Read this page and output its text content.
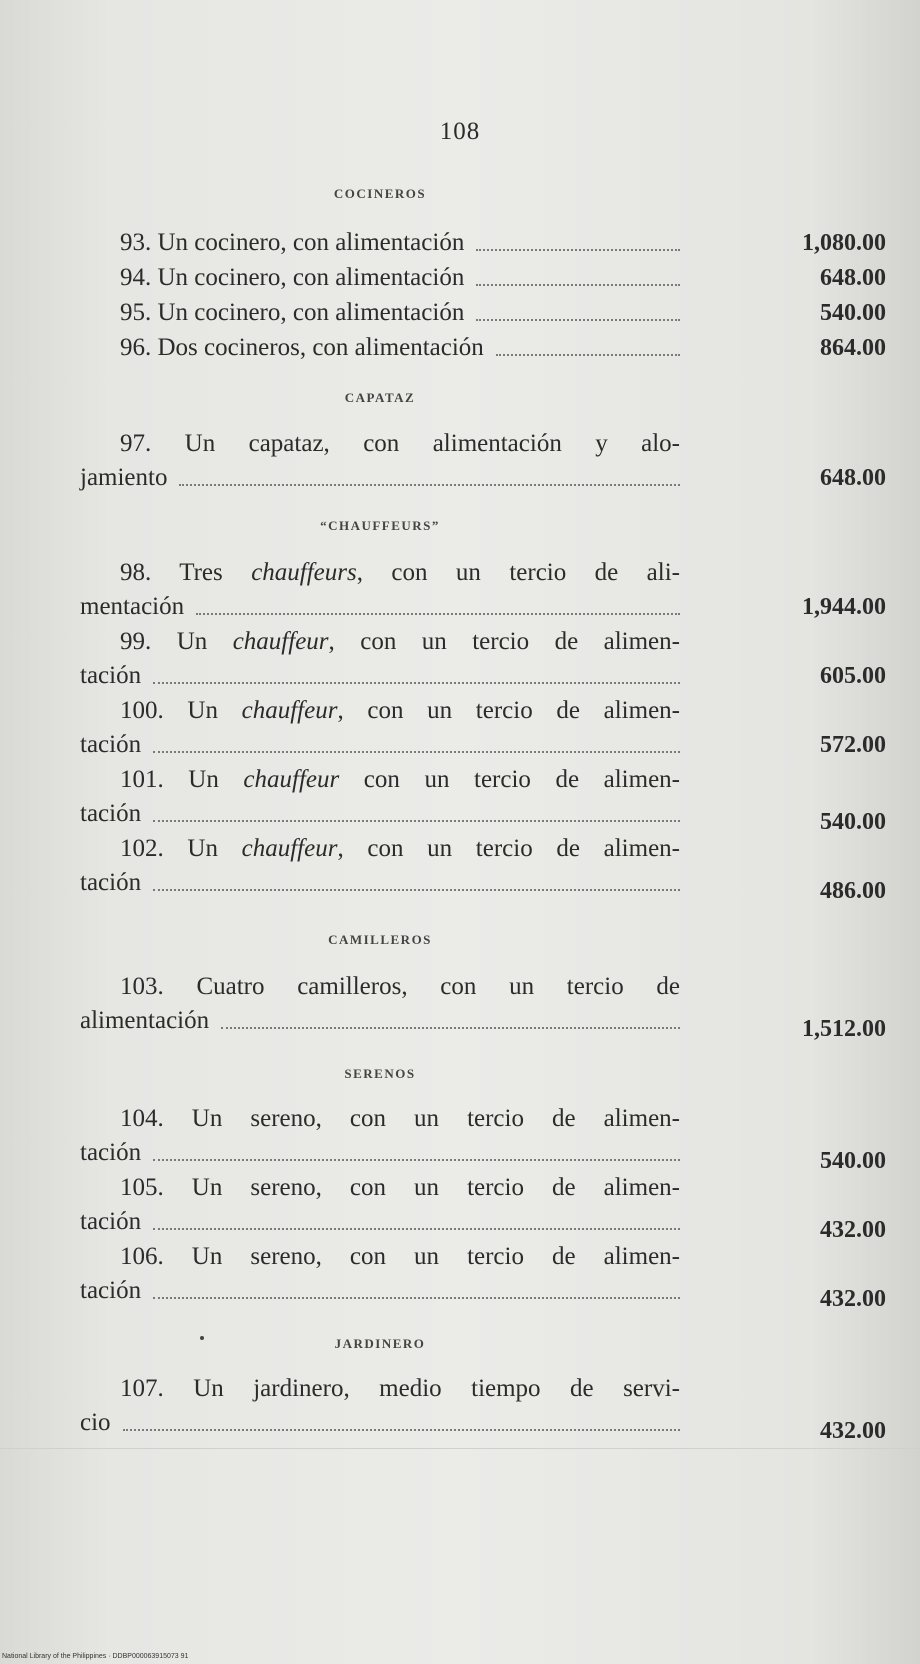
108
COCINEROS
93. Un cocinero, con alimentación	1,080.00
94. Un cocinero, con alimentación	648.00
95. Un cocinero, con alimentación	540.00
96. Dos cocineros, con alimentación	864.00
CAPATAZ
97. Un capataz, con alimentación y alo-
jamiento	648.00
“CHAUFFEURS”
98. Tres chauffeurs, con un tercio de ali-
mentación	1,944.00
99. Un chauffeur, con un tercio de alimen-
tación	605.00
100. Un chauffeur, con un tercio de alimen-
tación	572.00
101. Un chauffeur con un tercio de alimen-
tación	540.00
102. Un chauffeur, con un tercio de alimen-
tación	486.00
CAMILLEROS
103. Cuatro camilleros, con un tercio de
alimentación	1,512.00
SERENOS
104. Un sereno, con un tercio de alimen-
tación	540.00
105. Un sereno, con un tercio de alimen-
tación	432.00
106. Un sereno, con un tercio de alimen-
tación	432.00
JARDINERO
107. Un jardinero, medio tiempo de servi-
cio	432.00
National Library of the Philippines · DDBP000063915073 91
